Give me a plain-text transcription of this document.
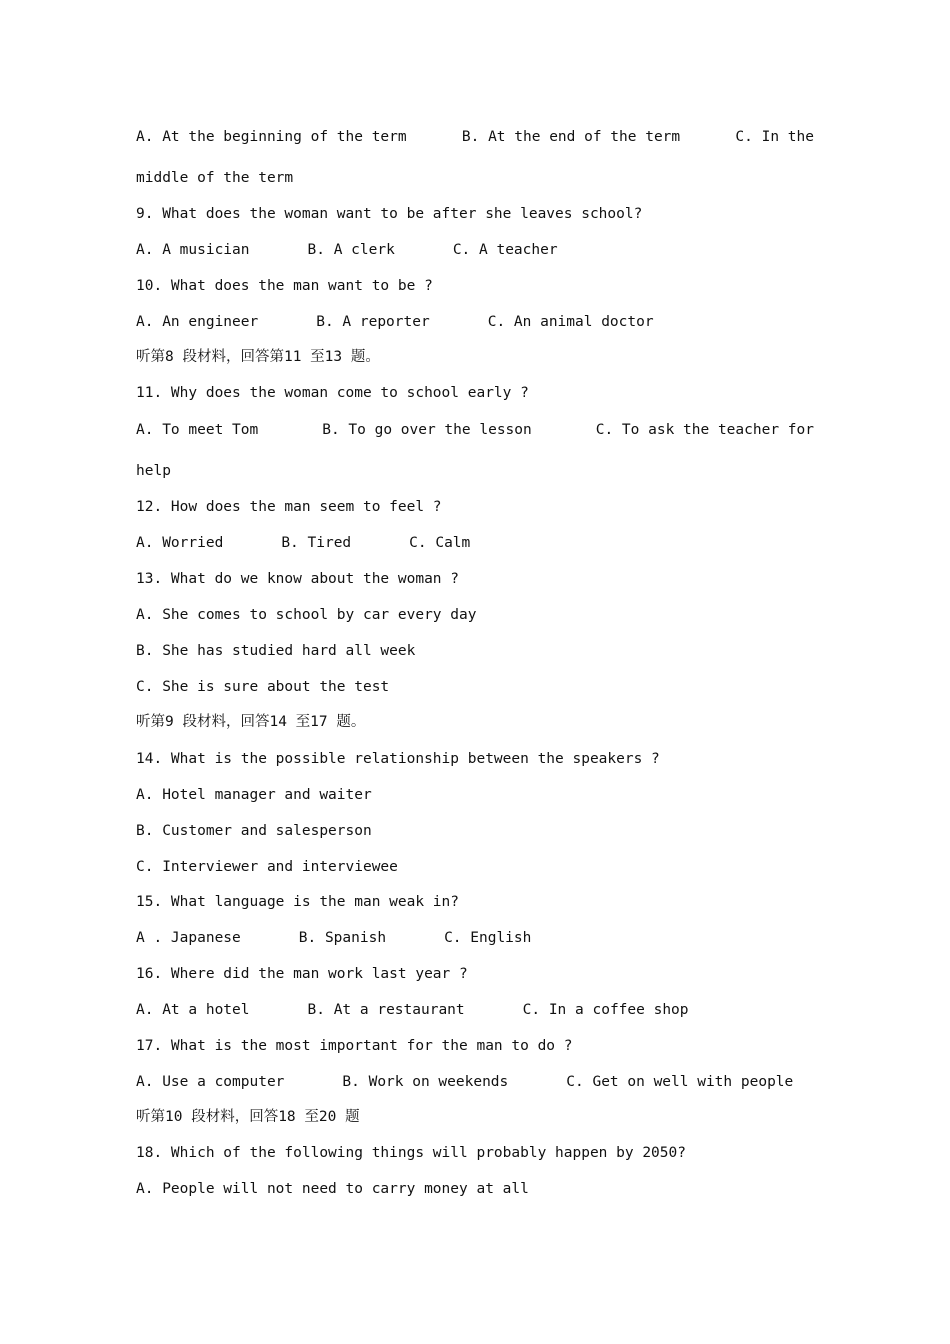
A. At the beginning of the term	B. At the end of the term	C. In the
middle of the term
9. What does the woman want to be after she leaves school?
A. A musician	B. A clerk	C. A teacher
10. What does the man want to be ?
A. An engineer	B. A reporter	C. An animal doctor
听第8 段材料，回答第11 至13 题。
11. Why does the woman come to school early ?
A. To meet Tom	B. To go over the lesson	C. To ask the teacher for
help
12. How does the man seem to feel ?
A. Worried	B. Tired	C. Calm
13. What do we know about the woman ?
A. She comes to school by car every day
B. She has studied hard all week
C. She is sure about the test
听第9 段材料，回答14 至17 题。
14. What is the possible relationship between the speakers ?
A. Hotel manager and waiter
B. Customer and salesperson
C. Interviewer and interviewee
15. What language is the man weak in?
A . Japanese	B. Spanish	C. English
16. Where did the man work last year ?
A. At a hotel	B. At a restaurant	C. In a coffee shop
17. What is the most important for the man to do ?
A. Use a computer	B. Work on weekends	C. Get on well with people
听第10 段材料，回答18 至20 题
18. Which of the following things will probably happen by 2050?
A. People will not need to carry money at all
